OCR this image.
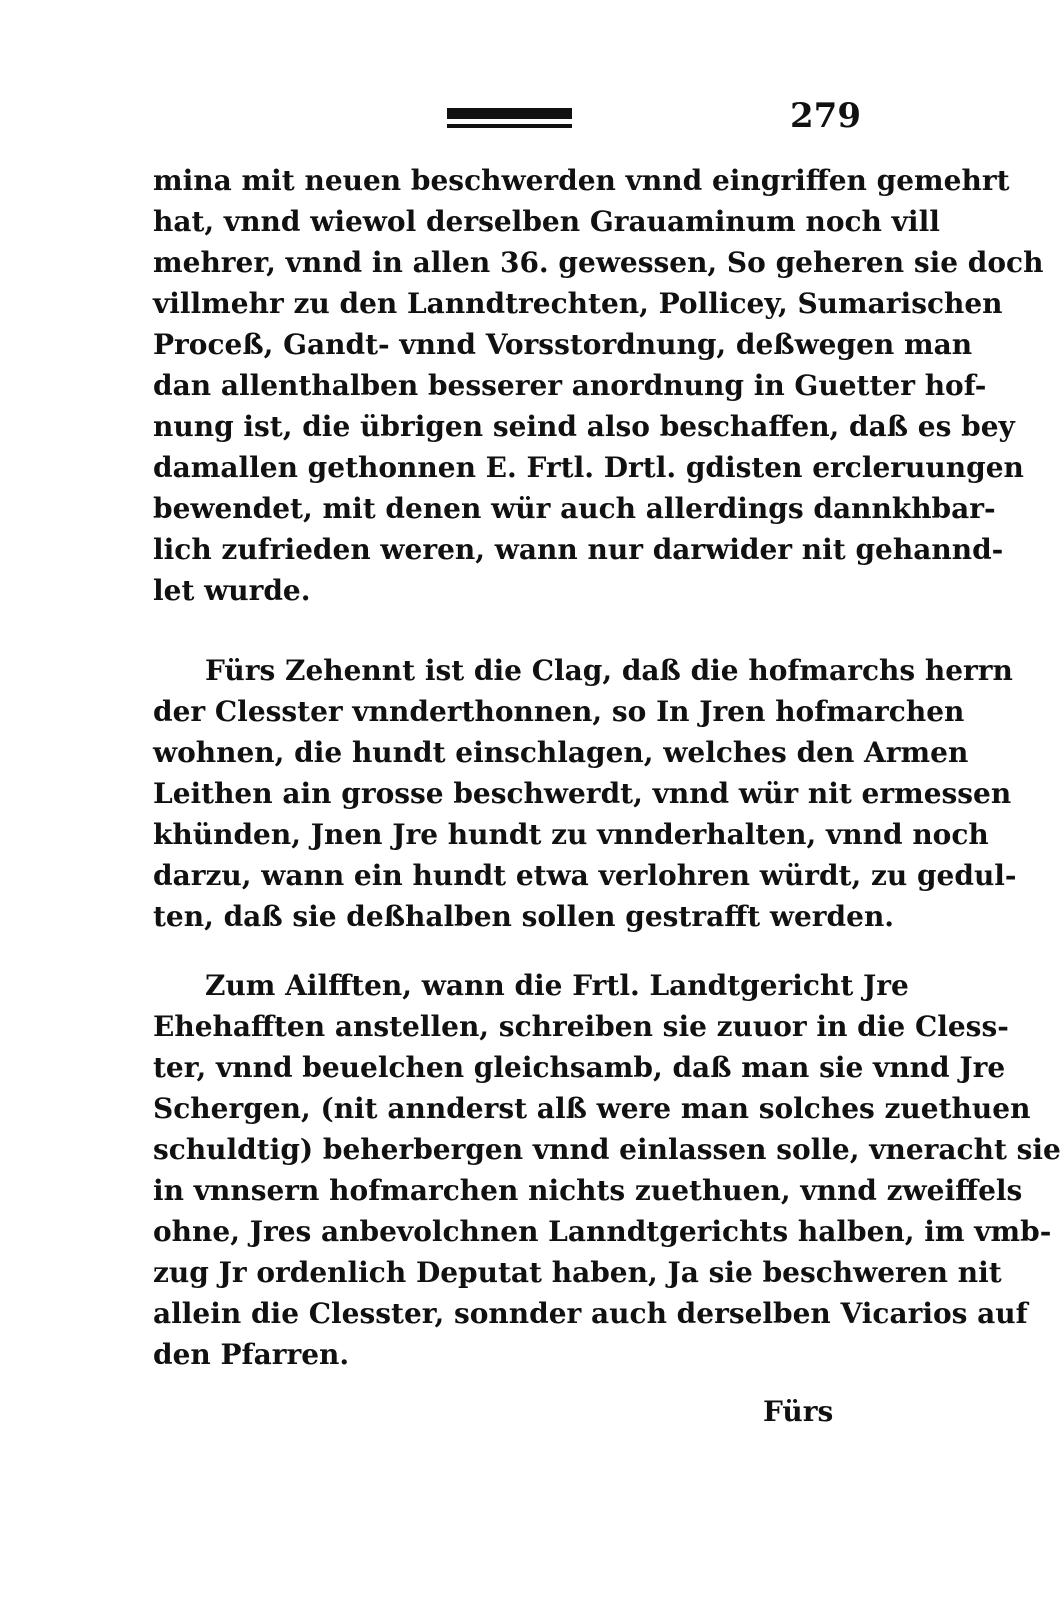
279
mina mit neuen beschwerden vnnd eingriffen gemehrt
hat, vnnd wiewol derselben Grauaminum noch vill
mehrer, vnnd in allen 36. gewessen, So geheren sie doch
villmehr zu den Lanndtrechten, Pollicey, Sumarischen
Proceß, Gandt- vnnd Vorsstordnung, deßwegen man
dan allenthalben besserer anordnung in Guetter hof-
nung ist, die übrigen seind also beschaffen, daß es bey
damallen gethonnen E. Frtl. Drtl. gdisten ercleruungen
bewendet, mit denen wür auch allerdings dannkhbar-
lich zufrieden weren, wann nur darwider nit gehannd-
let wurde.
Fürs Zehennt ist die Clag, daß die hofmarchs herrn
der Clesster vnnderthonnen, so In Jren hofmarchen
wohnen, die hundt einschlagen, welches den Armen
Leithen ain grosse beschwerdt, vnnd wür nit ermessen
khünden, Jnen Jre hundt zu vnnderhalten, vnnd noch
darzu, wann ein hundt etwa verlohren würdt, zu gedul-
ten, daß sie deßhalben sollen gestrafft werden.
Zum Ailfften, wann die Frtl. Landtgericht Jre
Ehehafften anstellen, schreiben sie zuuor in die Cless-
ter, vnnd beuelchen gleichsamb, daß man sie vnnd Jre
Schergen, (nit annderst alß were man solches zuethuen
schuldtig) beherbergen vnnd einlassen solle, vneracht sie
in vnnsern hofmarchen nichts zuethuen, vnnd zweiffels
ohne, Jres anbevolchnen Lanndtgerichts halben, im vmb-
zug Jr ordenlich Deputat haben, Ja sie beschweren nit
allein die Clesster, sonnder auch derselben Vicarios auf
den Pfarren.
Fürs
